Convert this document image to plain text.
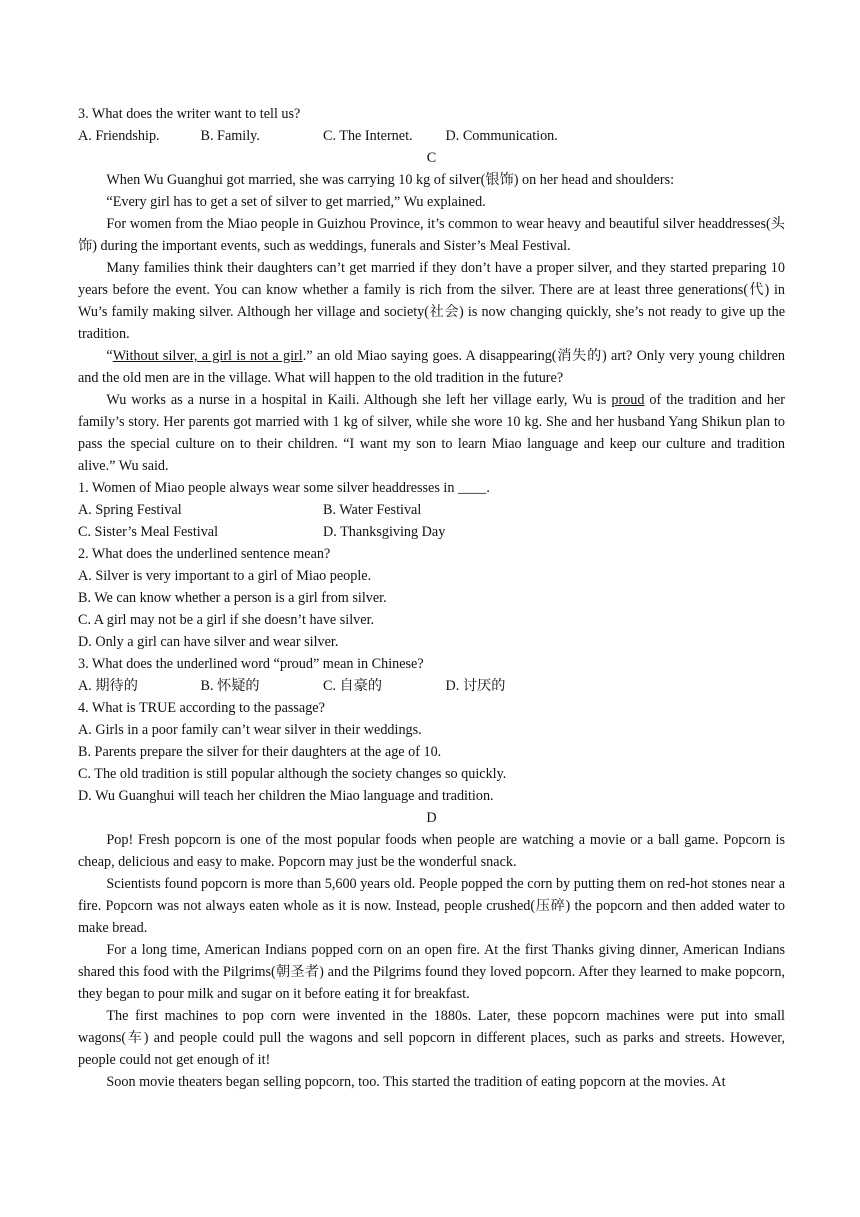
3. What does the writer want to tell us?
A. Friendship.	B. Family.	C. The Internet.	D. Communication.
C
When Wu Guanghui got married, she was carrying 10 kg of silver(银饰) on her head and shoulders:
“Every girl has to get a set of silver to get married,” Wu explained.
For women from the Miao people in Guizhou Province, it’s common to wear heavy and beautiful silver headdresses(头饰) during the important events, such as weddings, funerals and Sister’s Meal Festival.
Many families think their daughters can’t get married if they don’t have a proper silver, and they started preparing 10 years before the event. You can know whether a family is rich from the silver. There are at least three generations(代) in Wu’s family making silver. Although her village and society(社会) is now changing quickly, she’s not ready to give up the tradition.
“Without silver, a girl is not a girl.” an old Miao saying goes. A disappearing(消失的) art? Only very young children and the old men are in the village. What will happen to the old tradition in the future?
Wu works as a nurse in a hospital in Kaili. Although she left her village early, Wu is proud of the tradition and her family’s story. Her parents got married with 1 kg of silver, while she wore 10 kg. She and her husband Yang Shikun plan to pass the special culture on to their children. “I want my son to learn Miao language and keep our culture and tradition alive.” Wu said.
1. Women of Miao people always wear some silver headdresses in ____.
A. Spring Festival	B. Water Festival
C. Sister’s Meal Festival	D. Thanksgiving Day
2. What does the underlined sentence mean?
A. Silver is very important to a girl of Miao people.
B. We can know whether a person is a girl from silver.
C. A girl may not be a girl if she doesn’t have silver.
D. Only a girl can have silver and wear silver.
3. What does the underlined word “proud” mean in Chinese?
A. 期待的	B. 怀疑的	C. 自豪的	D. 讨厌的
4. What is TRUE according to the passage?
A. Girls in a poor family can’t wear silver in their weddings.
B. Parents prepare the silver for their daughters at the age of 10.
C. The old tradition is still popular although the society changes so quickly.
D. Wu Guanghui will teach her children the Miao language and tradition.
D
Pop! Fresh popcorn is one of the most popular foods when people are watching a movie or a ball game. Popcorn is cheap, delicious and easy to make. Popcorn may just be the wonderful snack.
Scientists found popcorn is more than 5,600 years old. People popped the corn by putting them on red-hot stones near a fire. Popcorn was not always eaten whole as it is now. Instead, people crushed(压碎) the popcorn and then added water to make bread.
For a long time, American Indians popped corn on an open fire. At the first Thanks giving dinner, American Indians shared this food with the Pilgrims(朝圣者) and the Pilgrims found they loved popcorn. After they learned to make popcorn, they began to pour milk and sugar on it before eating it for breakfast.
The first machines to pop corn were invented in the 1880s. Later, these popcorn machines were put into small wagons(车) and people could pull the wagons and sell popcorn in different places, such as parks and streets. However, people could not get enough of it!
Soon movie theaters began selling popcorn, too. This started the tradition of eating popcorn at the movies. At
